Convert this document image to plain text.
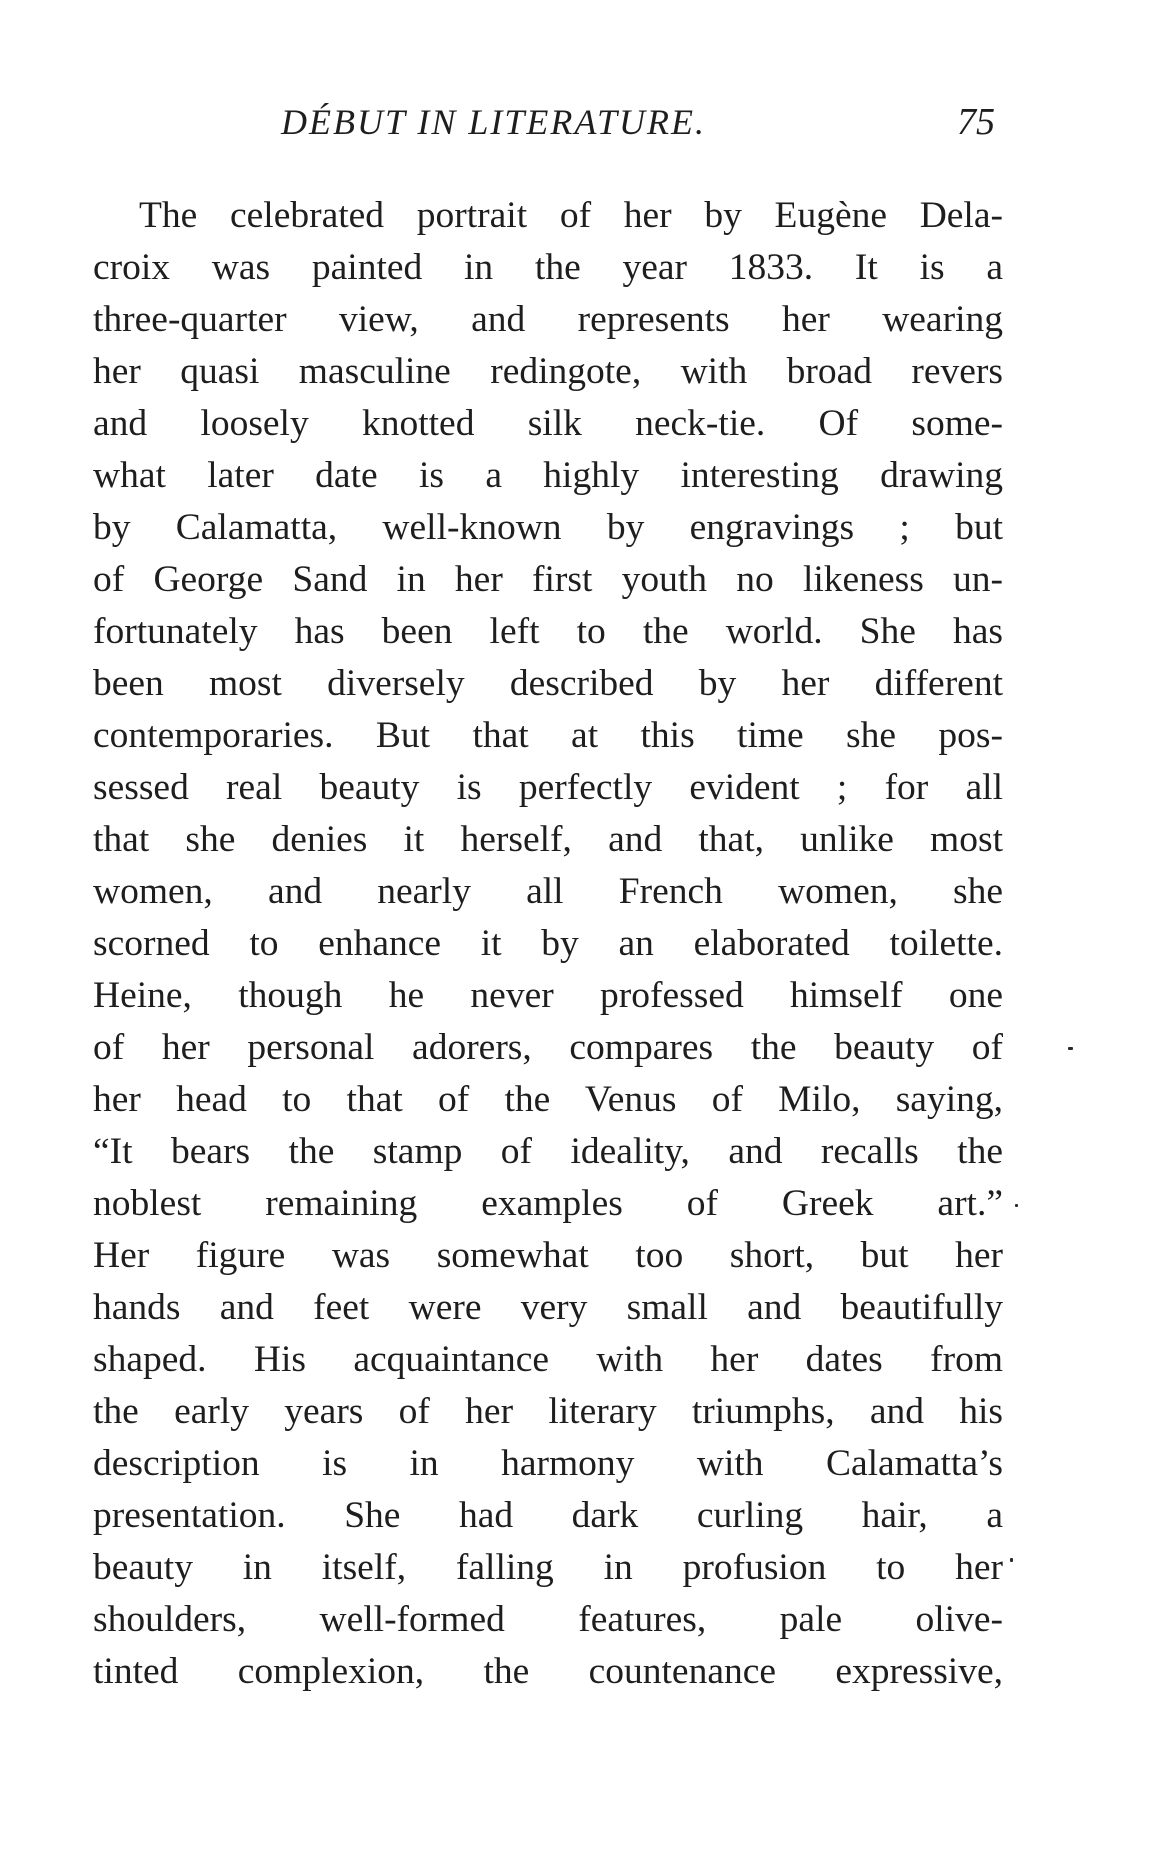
DÉBUT IN LITERATURE.	75
The celebrated portrait of her by Eugène Dela-
croix was painted in the year 1833. It is a
three-quarter view, and represents her wearing
her quasi masculine redingote, with broad revers
and loosely knotted silk neck-tie. Of some-
what later date is a highly interesting drawing
by Calamatta, well-known by engravings ; but
of George Sand in her first youth no likeness un-
fortunately has been left to the world. She has
been most diversely described by her different
contemporaries. But that at this time she pos-
sessed real beauty is perfectly evident ; for all
that she denies it herself, and that, unlike most
women, and nearly all French women, she
scorned to enhance it by an elaborated toilette.
Heine, though he never professed himself one
of her personal adorers, compares the beauty of
her head to that of the Venus of Milo, saying,
“It bears the stamp of ideality, and recalls the
noblest remaining examples of Greek art.”
Her figure was somewhat too short, but her
hands and feet were very small and beautifully
shaped. His acquaintance with her dates from
the early years of her literary triumphs, and his
description is in harmony with Calamatta’s
presentation. She had dark curling hair, a
beauty in itself, falling in profusion to her
shoulders, well-formed features, pale olive-
tinted complexion, the countenance expressive,
